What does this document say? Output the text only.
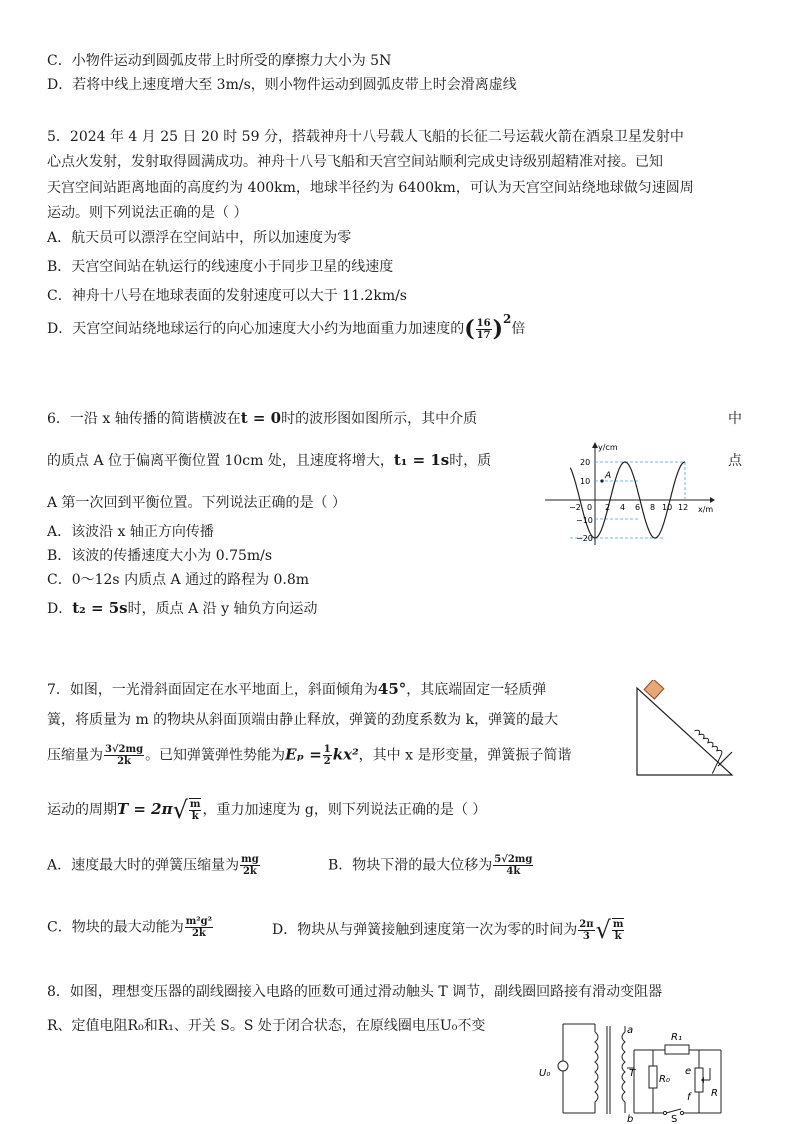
C．小物件运动到圆弧皮带上时所受的摩擦力大小为 5N
D．若将中线上速度增大至 3m/s，则小物件运动到圆弧皮带上时会滑离虚线
5．2024 年 4 月 25 日 20 时 59 分，搭载神舟十八号载人飞船的长征二号运载火箭在酒泉卫星发射中
心点火发射，发射取得圆满成功。神舟十八号飞船和天宫空间站顺利完成史诗级别超精准对接。已知
天宫空间站距离地面的高度约为 400km，地球半径约为 6400km，可认为天宫空间站绕地球做匀速圆周
运动。则下列说法正确的是（ ）
A．航天员可以漂浮在空间站中，所以加速度为零
B．天宫空间站在轨运行的线速度小于同步卫星的线速度
C．神舟十八号在地球表面的发射速度可以大于 11.2km/s
D．天宫空间站绕地球运行的向心加速度大小约为地面重力加速度的( $\frac{16}{17} )^2$倍
6．一沿 x 轴传播的简谐横波在t = 0时的波形图如图所示，其中介质	中
的质点 A 位于偏离平衡位置 10cm 处，且速度将增大，t₁ = 1s时，质	点
A 第一次回到平衡位置。下列说法正确的是（ ）
A．该波沿 x 轴正方向传播
B．该波的传播速度大小为 0.75m/s
C．0～12s 内质点 A 通过的路程为 0.8m
D．t₂ = 5s时，质点 A 沿 y 轴负方向运动
A
y/cm
x/m
20
10
−10
−20
−2 0 2 4 6 8 10 12
7．如图，一光滑斜面固定在水平地面上，斜面倾角为45°，其底端固定一轻质弹
簧，将质量为 m 的物块从斜面顶端由静止释放，弹簧的劲度系数为 k，弹簧的最大
压缩量为 $\frac{3√2mg}{2k}$ 。已知弹簧弹性势能为$E_p = \frac{1}{2} kx^2$，其中 x 是形变量，弹簧振子简谐
运动的周期$T = 2\pi√ \frac{m}{k}$ ，重力加速度为 g，则下列说法正确的是（ ）
A．速度最大时的弹簧压缩量为 $\frac{mg}{2k}$	B．物块下滑的最大位移为 $\frac{5√2mg}{4k}$
C．物块的最大动能为 $\frac{\text{m²g²}}{2k}$	D．物块从与弹簧接触到速度第一次为零的时间为 $\frac{2\pi}{3}$ √ $\frac{m}{k}$
8．如图，理想变压器的副线圈接入电路的匝数可通过滑动触头 T 调节，副线圈回路接有滑动变阻器
R、定值电阻R₀和R₁、开关 S。S 处于闭合状态，在原线圈电压U₀不变
U₀
a
b
T
R₀
R₁
e
f R
S
